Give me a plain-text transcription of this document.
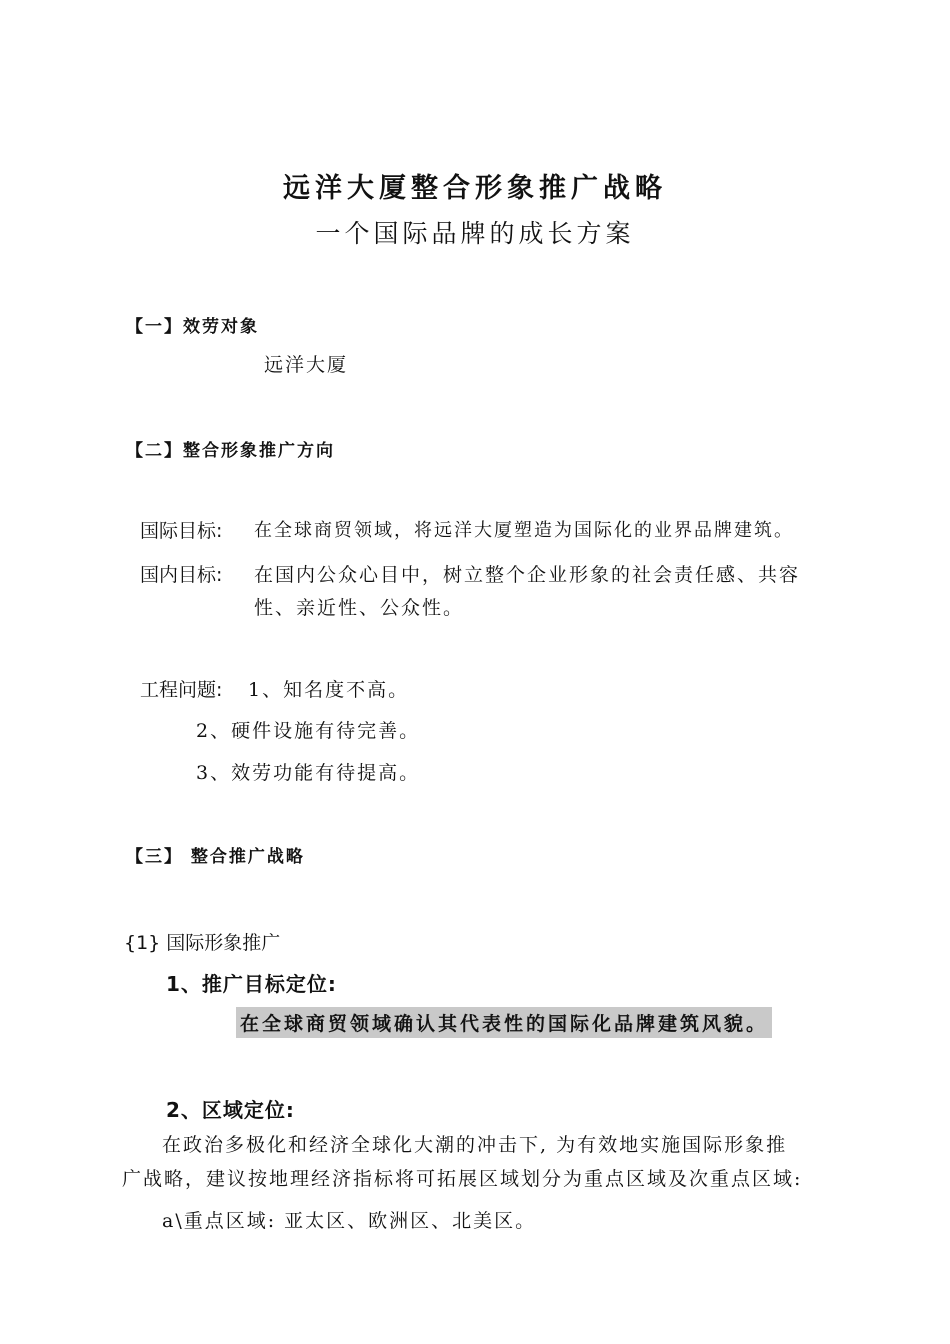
远洋大厦整合形象推广战略
一个国际品牌的成长方案
【一】效劳对象
远洋大厦
【二】整合形象推广方向
国际目标: 在全球商贸领域，将远洋大厦塑造为国际化的业界品牌建筑。
国内目标: 在国内公众心目中，树立整个企业形象的社会责任感、共容
性、亲近性、公众性。
工程问题: 1、知名度不高。
2、硬件设施有待完善。
3、效劳功能有待提高。
【三】 整合推广战略
{1} 国际形象推广
1、推广目标定位:
在全球商贸领域确认其代表性的国际化品牌建筑风貌。
2、区域定位:
在政治多极化和经济全球化大潮的冲击下, 为有效地实施国际形象推
广战略，建议按地理经济指标将可拓展区域划分为重点区域及次重点区域:
a\重点区域: 亚太区、欧洲区、北美区。
